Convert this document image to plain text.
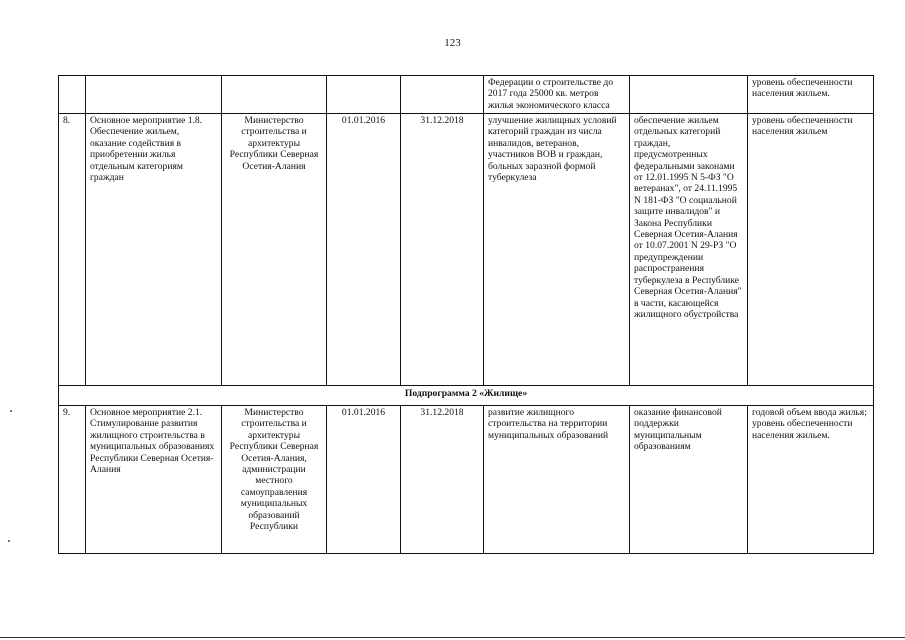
123
					Федерации о строительстве до 2017 года 25000 кв. метров жилья экономического класса		уровень обеспеченности населения жильем.
8.	Основное мероприятие 1.8. Обеспечение жильем, оказание содействия в приобретении жилья отдельным категориям граждан	Министерство строительства и архитектуры Республики Северная Осетия-Алания	01.01.2016	31.12.2018	улучшение жилищных условий категорий граждан из числа инвалидов, ветеранов, участников ВОВ и граждан, больных заразной формой туберкулеза	обеспечение жильем отдельных категорий граждан, предусмотренных федеральными законами от 12.01.1995 N 5-ФЗ "О ветеранах", от 24.11.1995 N 181-ФЗ "О социальной защите инвалидов" и Закона Республики Северная Осетия-Алания от 10.07.2001 N 29-РЗ "О предупреждении распространения туберкулеза в Республике Северная Осетия-Алания" в части, касающейся жилищного обустройства	уровень обеспеченности населения жильем
Подпрограмма 2 «Жилище»							
9.	Основное мероприятие 2.1. Стимулирование развития жилищного строительства в муниципальных образованиях Республики Северная Осетия-Алания	Министерство строительства и архитектуры Республики Северная Осетия-Алания, администрации местного самоуправления муниципальных образований Республики	01.01.2016	31.12.2018	развитие жилищного строительства на территории муниципальных образований	оказание финансовой поддержки муниципальным образованиям	годовой объем ввода жилья; уровень обеспеченности населения жильем.
